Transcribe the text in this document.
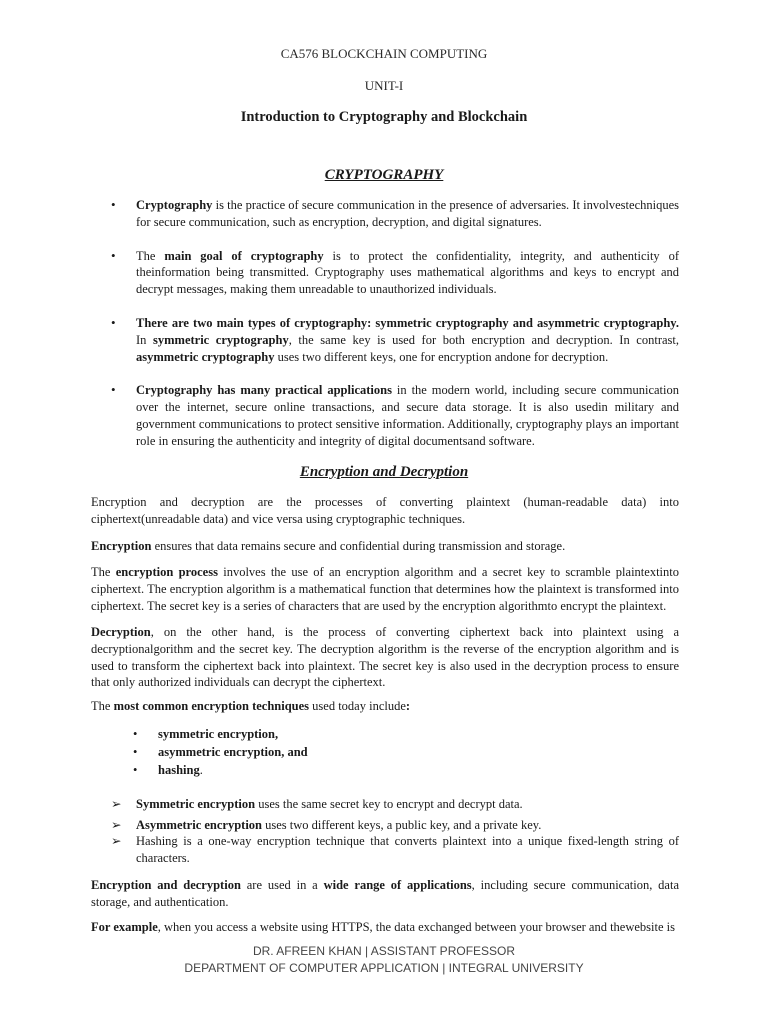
CA576 BLOCKCHAIN COMPUTING
UNIT-I
Introduction to Cryptography and Blockchain
CRYPTOGRAPHY
• Cryptography is the practice of secure communication in the presence of adversaries. It involvestechniques for secure communication, such as encryption, decryption, and digital signatures.
• The main goal of cryptography is to protect the confidentiality, integrity, and authenticity of theinformation being transmitted. Cryptography uses mathematical algorithms and keys to encrypt and decrypt messages, making them unreadable to unauthorized individuals.
• There are two main types of cryptography: symmetric cryptography and asymmetric cryptography. In symmetric cryptography, the same key is used for both encryption and decryption. In contrast, asymmetric cryptography uses two different keys, one for encryption andone for decryption.
• Cryptography has many practical applications in the modern world, including secure communication over the internet, secure online transactions, and secure data storage. It is also usedin military and government communications to protect sensitive information. Additionally, cryptography plays an important role in ensuring the authenticity and integrity of digital documentsand software.
Encryption and Decryption
Encryption and decryption are the processes of converting plaintext (human-readable data) into ciphertext(unreadable data) and vice versa using cryptographic techniques.
Encryption ensures that data remains secure and confidential during transmission and storage.
The encryption process involves the use of an encryption algorithm and a secret key to scramble plaintextinto ciphertext. The encryption algorithm is a mathematical function that determines how the plaintext is transformed into ciphertext. The secret key is a series of characters that are used by the encryption algorithmto encrypt the plaintext.
Decryption, on the other hand, is the process of converting ciphertext back into plaintext using a decryptionalgorithm and the secret key. The decryption algorithm is the reverse of the encryption algorithm and is used to transform the ciphertext back into plaintext. The secret key is also used in the decryption process to ensure that only authorized individuals can decrypt the ciphertext.
The most common encryption techniques used today include:
• symmetric encryption,
• asymmetric encryption, and
• hashing.
➢ Symmetric encryption uses the same secret key to encrypt and decrypt data.
➢ Asymmetric encryption uses two different keys, a public key, and a private key.
➢ Hashing is a one-way encryption technique that converts plaintext into a unique fixed-length string of characters.
Encryption and decryption are used in a wide range of applications, including secure communication, data storage, and authentication.
For example, when you access a website using HTTPS, the data exchanged between your browser and thewebsite is
DR. AFREEN KHAN | ASSISTANT PROFESSOR
DEPARTMENT OF COMPUTER APPLICATION | INTEGRAL UNIVERSITY
